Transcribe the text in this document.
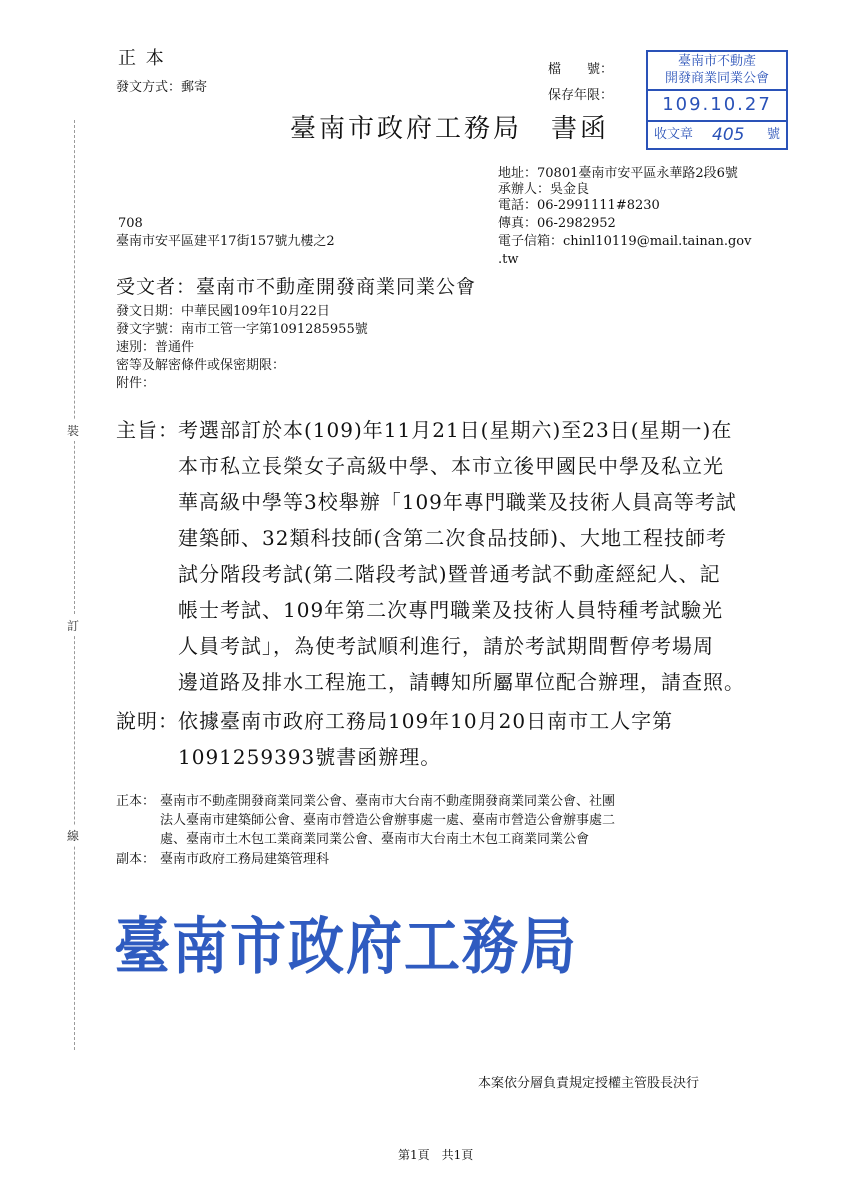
裝
訂
線
正 本
發文方式：郵寄
檔　　號：
保存年限：
臺南市政府工務局　書函
臺南市不動產
開發商業同業公會
109.10.27
收文章 405 號
地址：70801臺南市安平區永華路2段6號
承辦人：吳金良
電話：06-2991111#8230
傳真：06-2982952
電子信箱：chinl10119@mail.tainan.gov
.tw
708
臺南市安平區建平17街157號九樓之2
受文者：臺南市不動產開發商業同業公會
發文日期：中華民國109年10月22日
發文字號：南市工管一字第1091285955號
速別：普通件
密等及解密條件或保密期限：
附件：
主旨： 考選部訂於本(109)年11月21日(星期六)至23日(星期一)在
本市私立長榮女子高級中學、本市立後甲國民中學及私立光
華高級中學等3校舉辦「109年專門職業及技術人員高等考試
建築師、32類科技師(含第二次食品技師)、大地工程技師考
試分階段考試(第二階段考試)暨普通考試不動產經紀人、記
帳士考試、109年第二次專門職業及技術人員特種考試驗光
人員考試」，為使考試順利進行，請於考試期間暫停考場周
邊道路及排水工程施工，請轉知所屬單位配合辦理，請查照。
說明： 依據臺南市政府工務局109年10月20日南市工人字第
1091259393號書函辦理。
正本： 臺南市不動產開發商業同業公會、臺南市大台南不動產開發商業同業公會、社團
法人臺南市建築師公會、臺南市營造公會辦事處一處、臺南市營造公會辦事處二
處、臺南市土木包工業商業同業公會、臺南市大台南土木包工商業同業公會
副本： 臺南市政府工務局建築管理科
臺南市政府工務局
本案依分層負責規定授權主管股長決行
第1頁　共1頁
